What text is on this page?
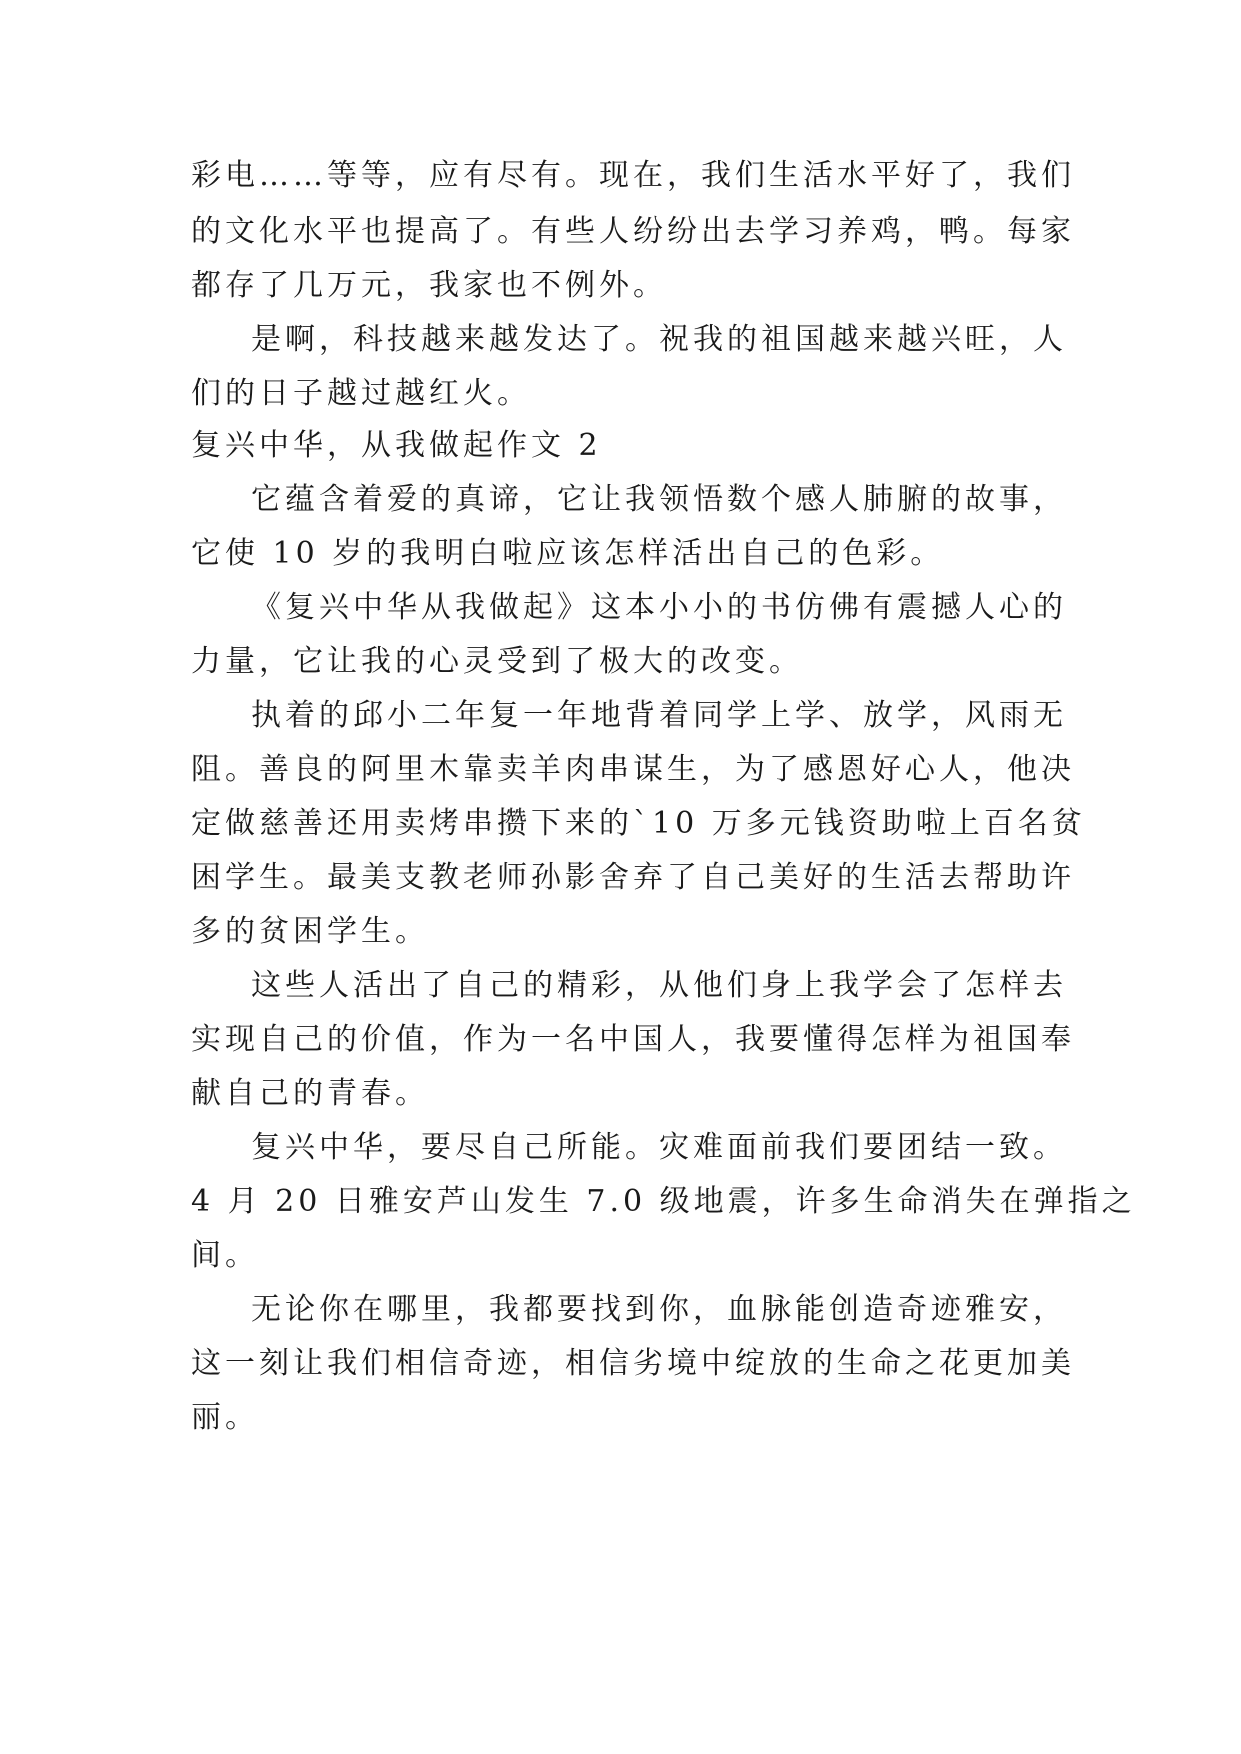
彩电……等等，应有尽有。现在，我们生活水平好了，我们
的文化水平也提高了。有些人纷纷出去学习养鸡，鸭。每家
都存了几万元，我家也不例外。
是啊，科技越来越发达了。祝我的祖国越来越兴旺，人
们的日子越过越红火。
复兴中华，从我做起作文 2
它蕴含着爱的真谛，它让我领悟数个感人肺腑的故事，
它使 10 岁的我明白啦应该怎样活出自己的色彩。
《复兴中华从我做起》这本小小的书仿佛有震撼人心的
力量，它让我的心灵受到了极大的改变。
执着的邱小二年复一年地背着同学上学、放学，风雨无
阻。善良的阿里木靠卖羊肉串谋生，为了感恩好心人，他决
定做慈善还用卖烤串攒下来的`10 万多元钱资助啦上百名贫
困学生。最美支教老师孙影舍弃了自己美好的生活去帮助许
多的贫困学生。
这些人活出了自己的精彩，从他们身上我学会了怎样去
实现自己的价值，作为一名中国人，我要懂得怎样为祖国奉
献自己的青春。
复兴中华，要尽自己所能。灾难面前我们要团结一致。
4 月 20 日雅安芦山发生 7.0 级地震，许多生命消失在弹指之
间。
无论你在哪里，我都要找到你，血脉能创造奇迹雅安，
这一刻让我们相信奇迹，相信劣境中绽放的生命之花更加美
丽。
